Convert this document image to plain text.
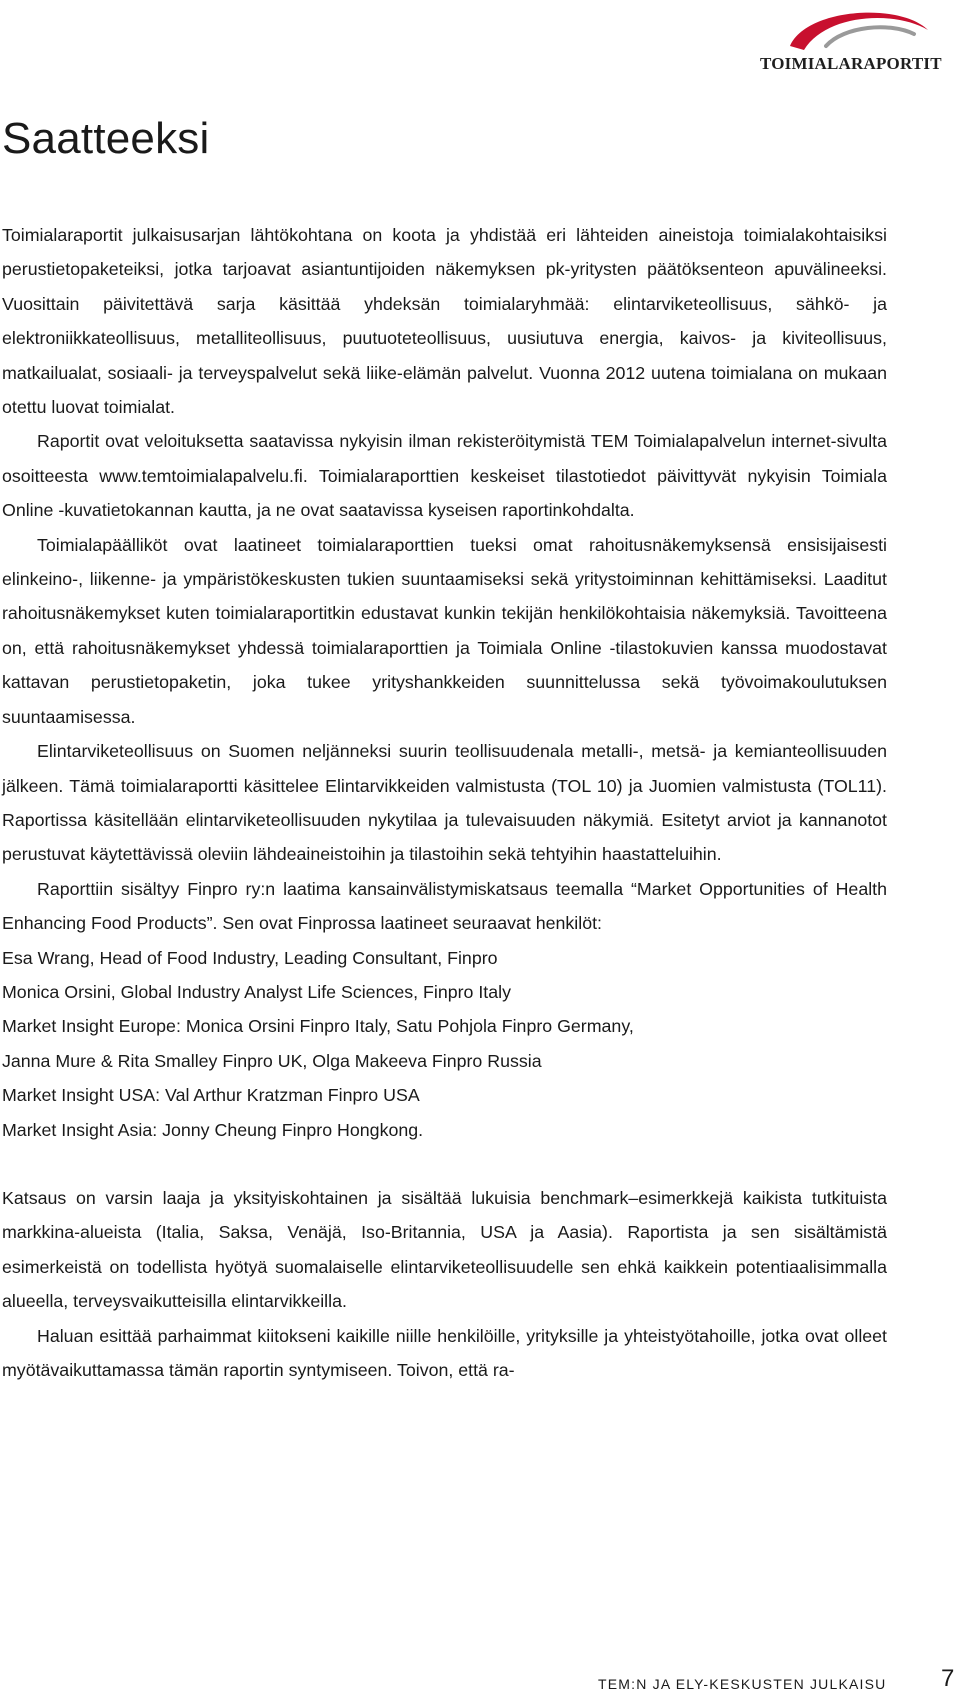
TOIMIALARAPORTIT
Saatteeksi

Toimialaraportit julkaisusarjan lähtökohtana on koota ja yhdistää eri lähteiden aineistoja toimialakohtaisiksi perustietopaketeiksi, jotka tarjoavat asiantuntijoiden näkemyksen pk-yritysten päätöksenteon apuvälineeksi. Vuosittain päivitettävä sarja käsittää yhdeksän toimialaryhmää: elintarviketeollisuus, sähkö- ja elektroniikkateollisuus, metalliteollisuus, puutuoteteollisuus, uusiutuva energia, kaivos- ja kiviteollisuus, matkailualat, sosiaali- ja terveyspalvelut sekä liike-elämän palvelut. Vuonna 2012 uutena toimialana on mukaan otettu luovat toimialat.

Raportit ovat veloituksetta saatavissa nykyisin ilman rekisteröitymistä TEM Toimialapalvelun internet-sivulta osoitteesta www.temtoimialapalvelu.fi. Toimialaraporttien keskeiset tilastotiedot päivittyvät nykyisin Toimiala Online -kuvatietokannan kautta, ja ne ovat saatavissa kyseisen raportinkohdalta.

Toimialapäälliköt ovat laatineet toimialaraporttien tueksi omat rahoitusnäkemyksensä ensisijaisesti elinkeino-, liikenne- ja ympäristökeskusten tukien suuntaamiseksi sekä yritystoiminnan kehittämiseksi. Laaditut rahoitusnäkemykset kuten toimialaraportitkin edustavat kunkin tekijän henkilökohtaisia näkemyksiä. Tavoitteena on, että rahoitusnäkemykset yhdessä toimialaraporttien ja Toimiala Online -tilastokuvien kanssa muodostavat kattavan perustietopaketin, joka tukee yrityshankkeiden suunnittelussa sekä työvoimakoulutuksen suuntaamisessa.

Elintarviketeollisuus on Suomen neljänneksi suurin teollisuudenala metalli-, metsä- ja kemianteollisuuden jälkeen. Tämä toimialaraportti käsittelee Elintarvikkeiden valmistusta (TOL 10) ja Juomien valmistusta (TOL11). Raportissa käsitellään elintarviketeollisuuden nykytilaa ja tulevaisuuden näkymiä. Esitetyt arviot ja kannanotot perustuvat käytettävissä oleviin lähdeaineistoihin ja tilastoihin sekä tehtyihin haastatteluihin.

Raporttiin sisältyy Finpro ry:n laatima kansainvälistymiskatsaus teemalla “Market Opportunities of Health Enhancing Food Products”. Sen ovat Finprossa laatineet seuraavat henkilöt:

Esa Wrang, Head of Food Industry, Leading Consultant, Finpro

Monica Orsini, Global Industry Analyst Life Sciences, Finpro Italy

Market Insight Europe: Monica Orsini Finpro Italy, Satu Pohjola Finpro Germany,

Janna Mure & Rita Smalley Finpro UK, Olga Makeeva Finpro Russia

Market Insight USA: Val Arthur Kratzman Finpro USA

Market Insight Asia: Jonny Cheung Finpro Hongkong.

Katsaus on varsin laaja ja yksityiskohtainen ja sisältää lukuisia benchmark–esimerkkejä kaikista tutkituista markkina-alueista (Italia, Saksa, Venäjä, Iso-Britannia, USA ja Aasia). Raportista ja sen sisältämistä esimerkeistä on todellista hyötyä suomalaiselle elintarviketeollisuudelle sen ehkä kaikkein potentiaalisimmalla alueella, terveysvaikutteisilla elintarvikkeilla.

Haluan esittää parhaimmat kiitokseni kaikille niille henkilöille, yrityksille ja yhteistyötahoille, jotka ovat olleet myötävaikuttamassa tämän raportin syntymiseen. Toivon, että ra-

TEM:N JA ELY-KESKUSTEN JULKAISU 7
